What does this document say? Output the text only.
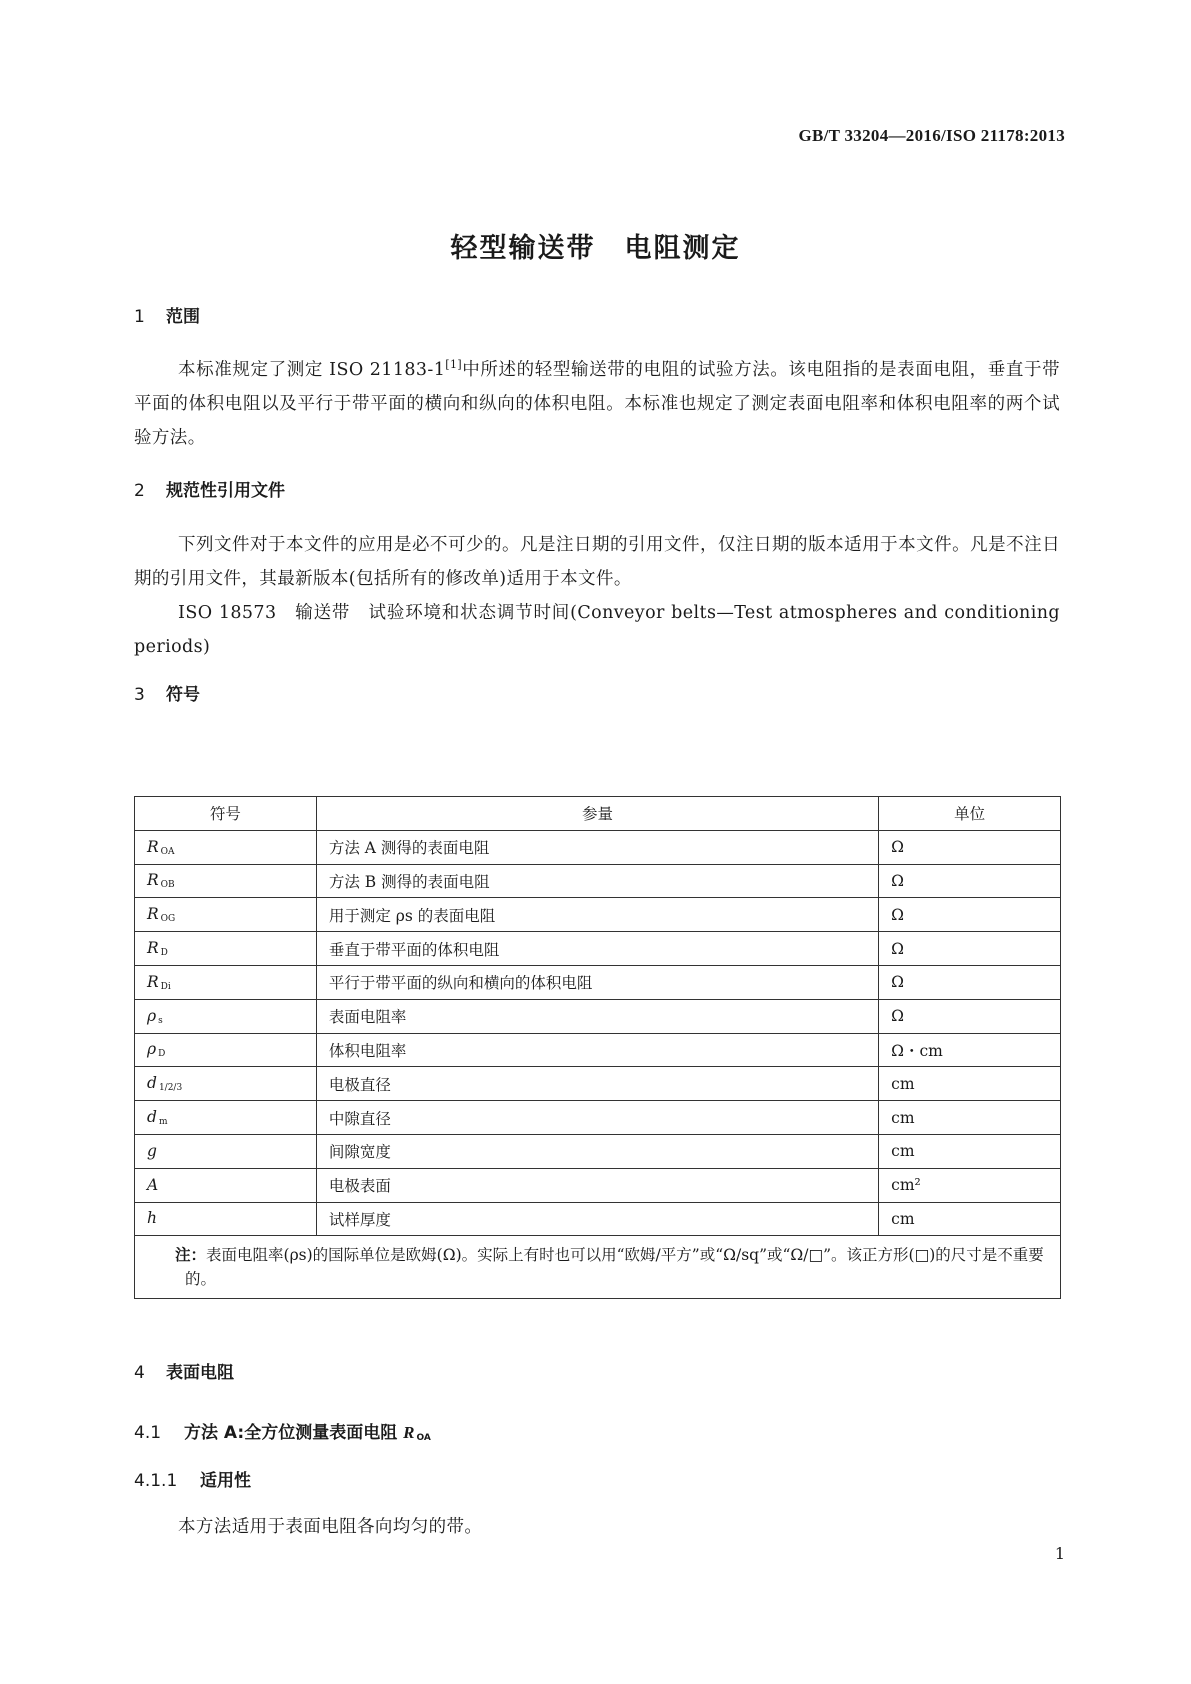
GB/T 33204—2016/ISO 21178:2013
轻型输送带　电阻测定
1 范围
本标准规定了测定 ISO 21183-1[1]中所述的轻型输送带的电阻的试验方法。该电阻指的是表面电阻，垂直于带平面的体积电阻以及平行于带平面的横向和纵向的体积电阻。本标准也规定了测定表面电阻率和体积电阻率的两个试验方法。
2 规范性引用文件

下列文件对于本文件的应用是必不可少的。凡是注日期的引用文件，仅注日期的版本适用于本文件。凡是不注日期的引用文件，其最新版本(包括所有的修改单)适用于本文件。

ISO 18573　输送带　试验环境和状态调节时间(Conveyor belts—Test atmospheres and conditioning periods)

3 符号
符号	参量	单位
R $_{OA}$	方法 A 测得的表面电阻	Ω
R $_{OB}$	方法 B 测得的表面电阻	Ω
R $_{OG}$	用于测定 ρs 的表面电阻	Ω
R $_D$	垂直于带平面的体积电阻	Ω
R $_{Di}$	平行于带平面的纵向和横向的体积电阻	Ω
ρ $_s$	表面电阻率	Ω
ρ $_D$	体积电阻率	Ω・cm
d $_{1/2/3}$	电极直径	cm
d $_m$	中隙直径	cm
g	间隙宽度	cm
A	电极表面	cm²
h	试样厚度	cm
注：表面电阻率(ρs)的国际单位是欧姆(Ω)。实际上有时也可以用“欧姆/平方”或“Ω/sq”或“Ω/□”。该正方形(□)的尺寸是不重要的。		
4 表面电阻
4.1 方法 A:全方位测量表面电阻 R $_{OA}$
4.1.1 适用性
本方法适用于表面电阻各向均匀的带。
1
